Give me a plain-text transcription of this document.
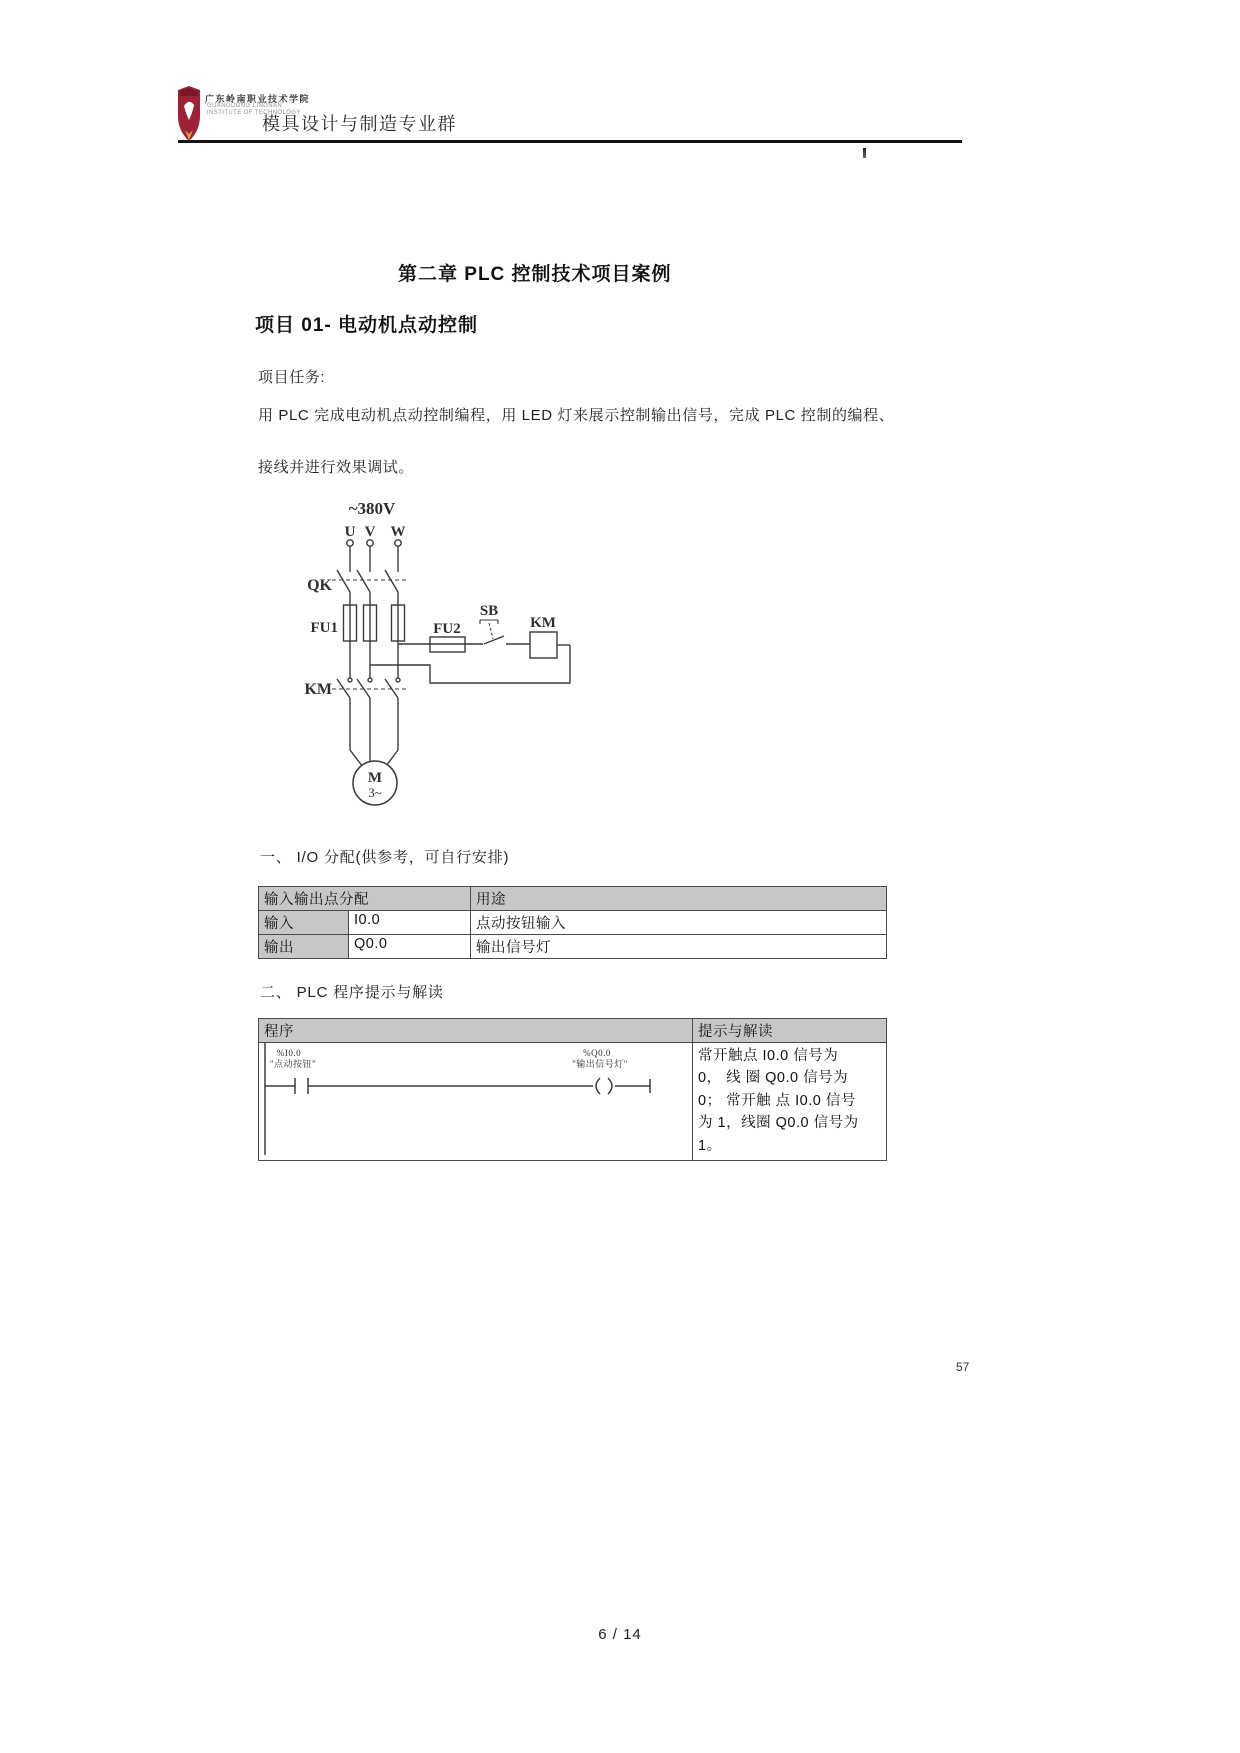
广东岭南职业技术学院
GUANGDONG LINGNAN
INSTITUTE OF TECHNOLOGY
模具设计与制造专业群
第二章 PLC 控制技术项目案例
项目 01- 电动机点动控制
项目任务:
用 PLC 完成电动机点动控制编程，用 LED 灯来展示控制输出信号，完成 PLC 控制的编程、
接线并进行效果调试。
~380V
U V W
QK
FU1	FU2
SB
KM
KM
M
3~
一、 I/O 分配(供参考，可自行安排)
输入输出点分配		用途
输入	I0.0	点动按钮输入
输出	Q0.0	输出信号灯
二、 PLC 程序提示与解读
程序	提示与解读

%I0.0
"点动按钮"
%Q0.0
"输出信号灯"	常开触点 I0.0 信号为
0， 线 圈 Q0.0 信号为
0； 常开触 点 I0.0 信号
为 1，线圈 Q0.0 信号为
1。
57
6 / 14
